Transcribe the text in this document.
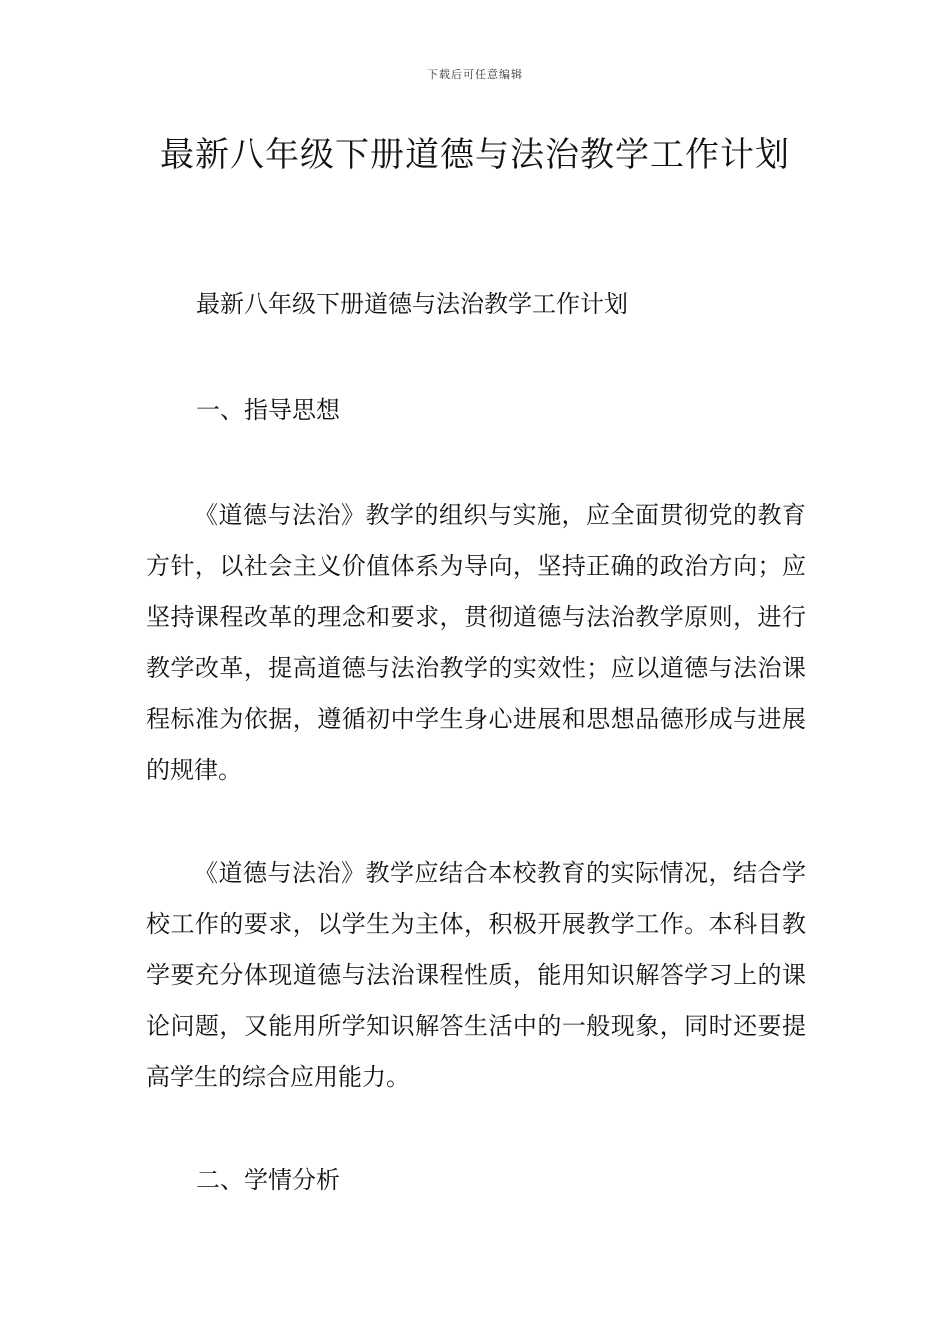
下载后可任意编辑
最新八年级下册道德与法治教学工作计划

最新八年级下册道德与法治教学工作计划

一、指导思想

《道德与法治》教学的组织与实施，应全面贯彻党的教育方针，以社会主义价值体系为导向，坚持正确的政治方向；应坚持课程改革的理念和要求，贯彻道德与法治教学原则，进行教学改革，提高道德与法治教学的实效性；应以道德与法治课程标准为依据，遵循初中学生身心进展和思想品德形成与进展的规律。

《道德与法治》教学应结合本校教育的实际情况，结合学校工作的要求，以学生为主体，积极开展教学工作。本科目教学要充分体现道德与法治课程性质，能用知识解答学习上的课论问题，又能用所学知识解答生活中的一般现象，同时还要提高学生的综合应用能力。

二、学情分析
